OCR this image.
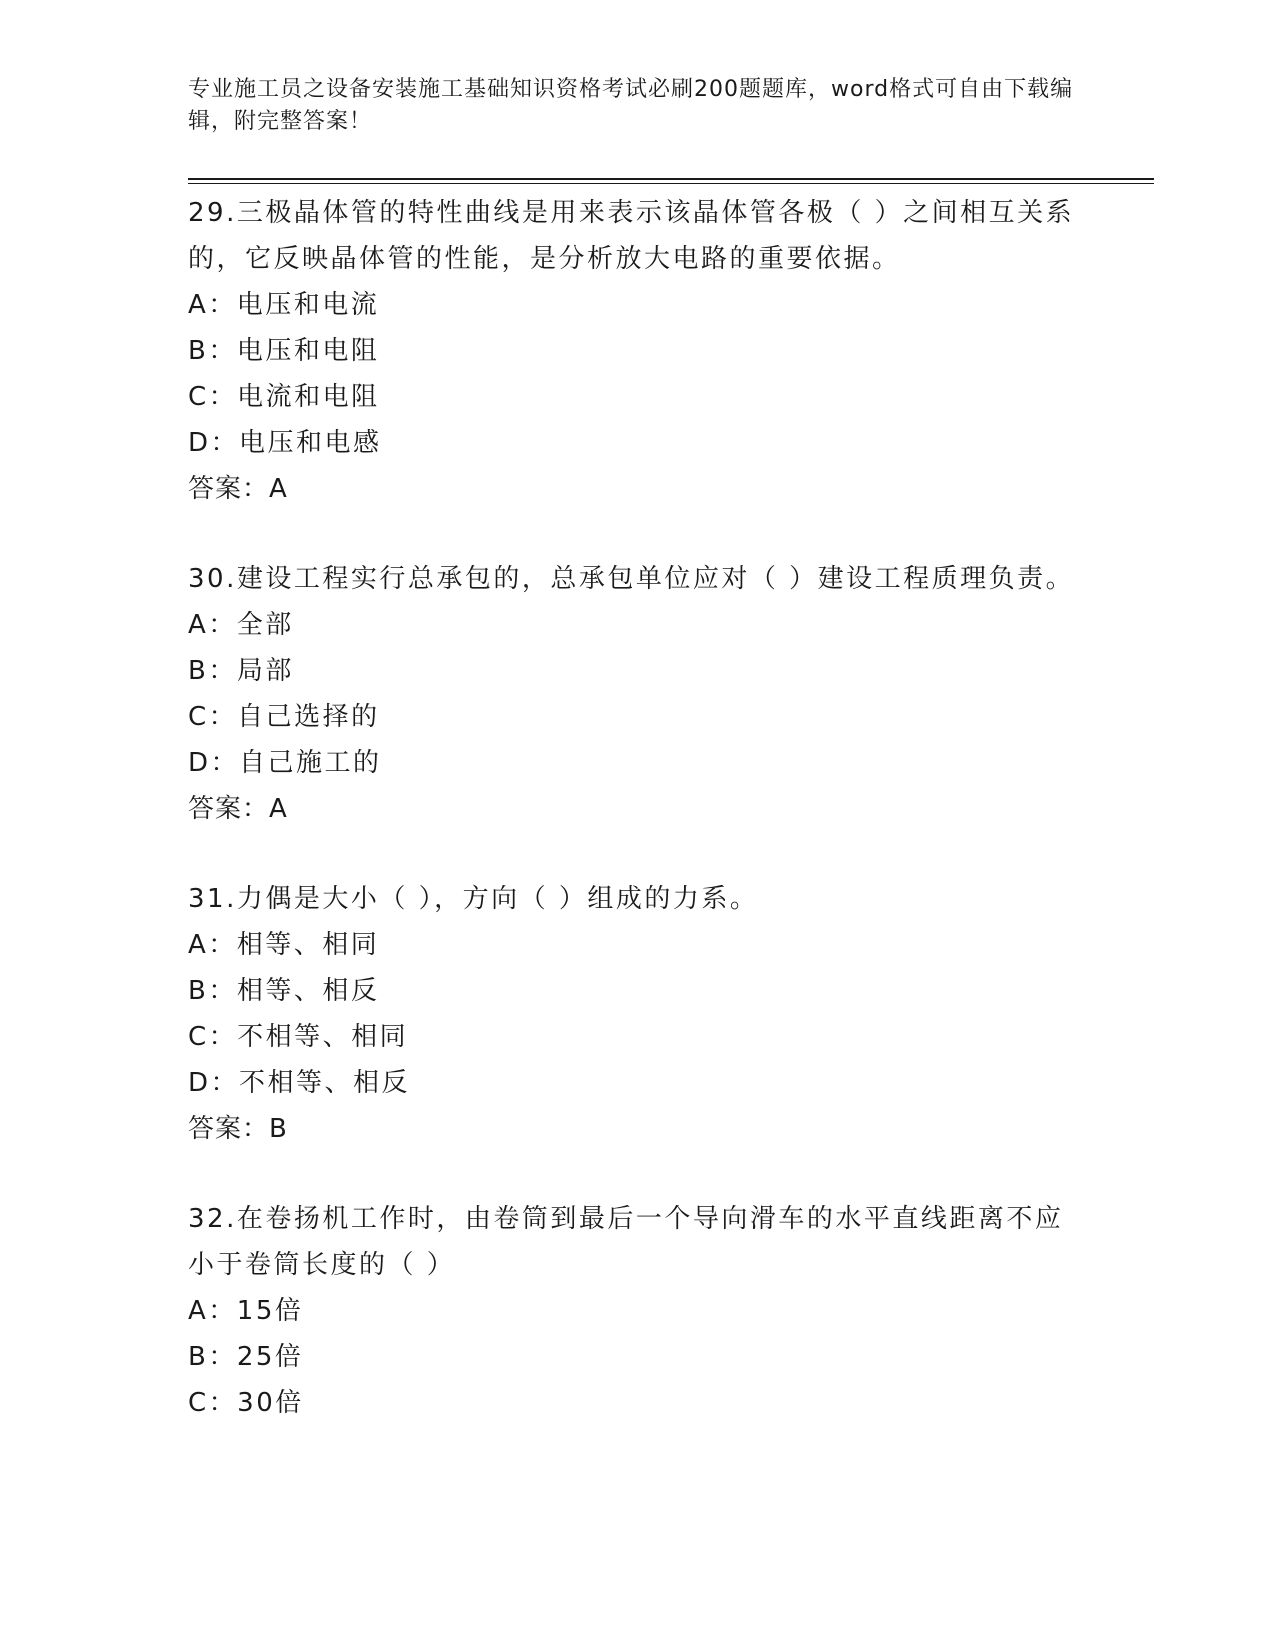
专业施工员之设备安装施工基础知识资格考试必刷200题题库，word格式可自由下载编辑，附完整答案！
29.三极晶体管的特性曲线是用来表示该晶体管各极（ ）之间相互关系的，它反映晶体管的性能，是分析放大电路的重要依据。
A：电压和电流
B：电压和电阻
C：电流和电阻
D：电压和电感
答案：A
30.建设工程实行总承包的，总承包单位应对（ ）建设工程质理负责。
A：全部
B：局部
C：自己选择的
D：自己施工的
答案：A
31.力偶是大小（ ），方向（ ）组成的力系。
A：相等、相同
B：相等、相反
C：不相等、相同
D：不相等、相反
答案：B
32.在卷扬机工作时，由卷筒到最后一个导向滑车的水平直线距离不应小于卷筒长度的（ ）
A：15倍
B：25倍
C：30倍
